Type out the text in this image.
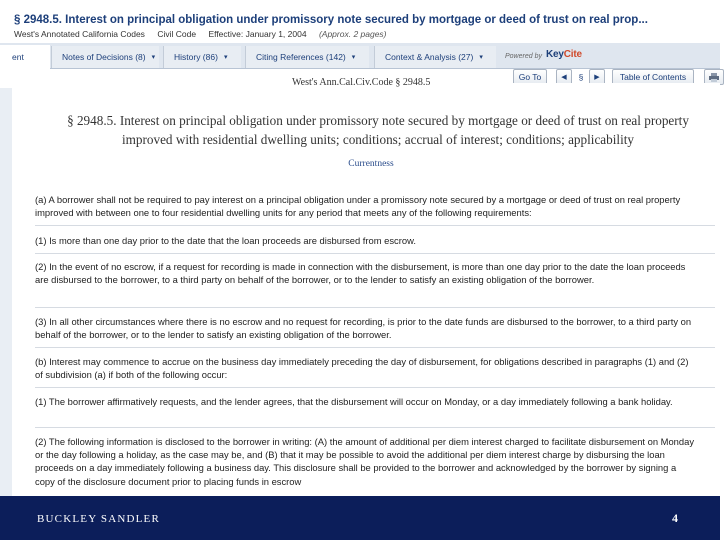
§ 2948.5. Interest on principal obligation under promissory note secured by mortgage or deed of trust on real prop...
West's Annotated California Codes Civil Code Effective: January 1, 2004 (Approx. 2 pages)
ent	Notes of Decisions (8) ▾ History (86) ▾	Citing References (142) ▾	Context & Analysis (27) ▾	Powered by KeyCite
Go To	◀	§	▶	Table of Contents
West's Ann.Cal.Civ.Code § 2948.5
§ 2948.5. Interest on principal obligation under promissory note secured by mortgage or deed of trust on real property improved with residential dwelling units; conditions; accrual of interest; conditions; applicability
Currentness
(a) A borrower shall not be required to pay interest on a principal obligation under a promissory note secured by a mortgage or deed of trust on real property improved with between one to four residential dwelling units for any period that meets any of the following requirements:
(1) Is more than one day prior to the date that the loan proceeds are disbursed from escrow.
(2) In the event of no escrow, if a request for recording is made in connection with the disbursement, is more than one day prior to the date the loan proceeds are disbursed to the borrower, to a third party on behalf of the borrower, or to the lender to satisfy an existing obligation of the borrower.
(3) In all other circumstances where there is no escrow and no request for recording, is prior to the date funds are disbursed to the borrower, to a third party on behalf of the borrower, or to the lender to satisfy an existing obligation of the borrower.
(b) Interest may commence to accrue on the business day immediately preceding the day of disbursement, for obligations described in paragraphs (1) and (2) of subdivision (a) if both of the following occur:
(1) The borrower affirmatively requests, and the lender agrees, that the disbursement will occur on Monday, or a day immediately following a bank holiday.
(2) The following information is disclosed to the borrower in writing: (A) the amount of additional per diem interest charged to facilitate disbursement on Monday or the day following a holiday, as the case may be, and (B) that it may be possible to avoid the additional per diem interest charge by disbursing the loan proceeds on a day immediately following a business day. This disclosure shall be provided to the borrower and acknowledged by the borrower by signing a copy of the disclosure document prior to placing funds in escrow
BUCKLEY SANDLER	4
